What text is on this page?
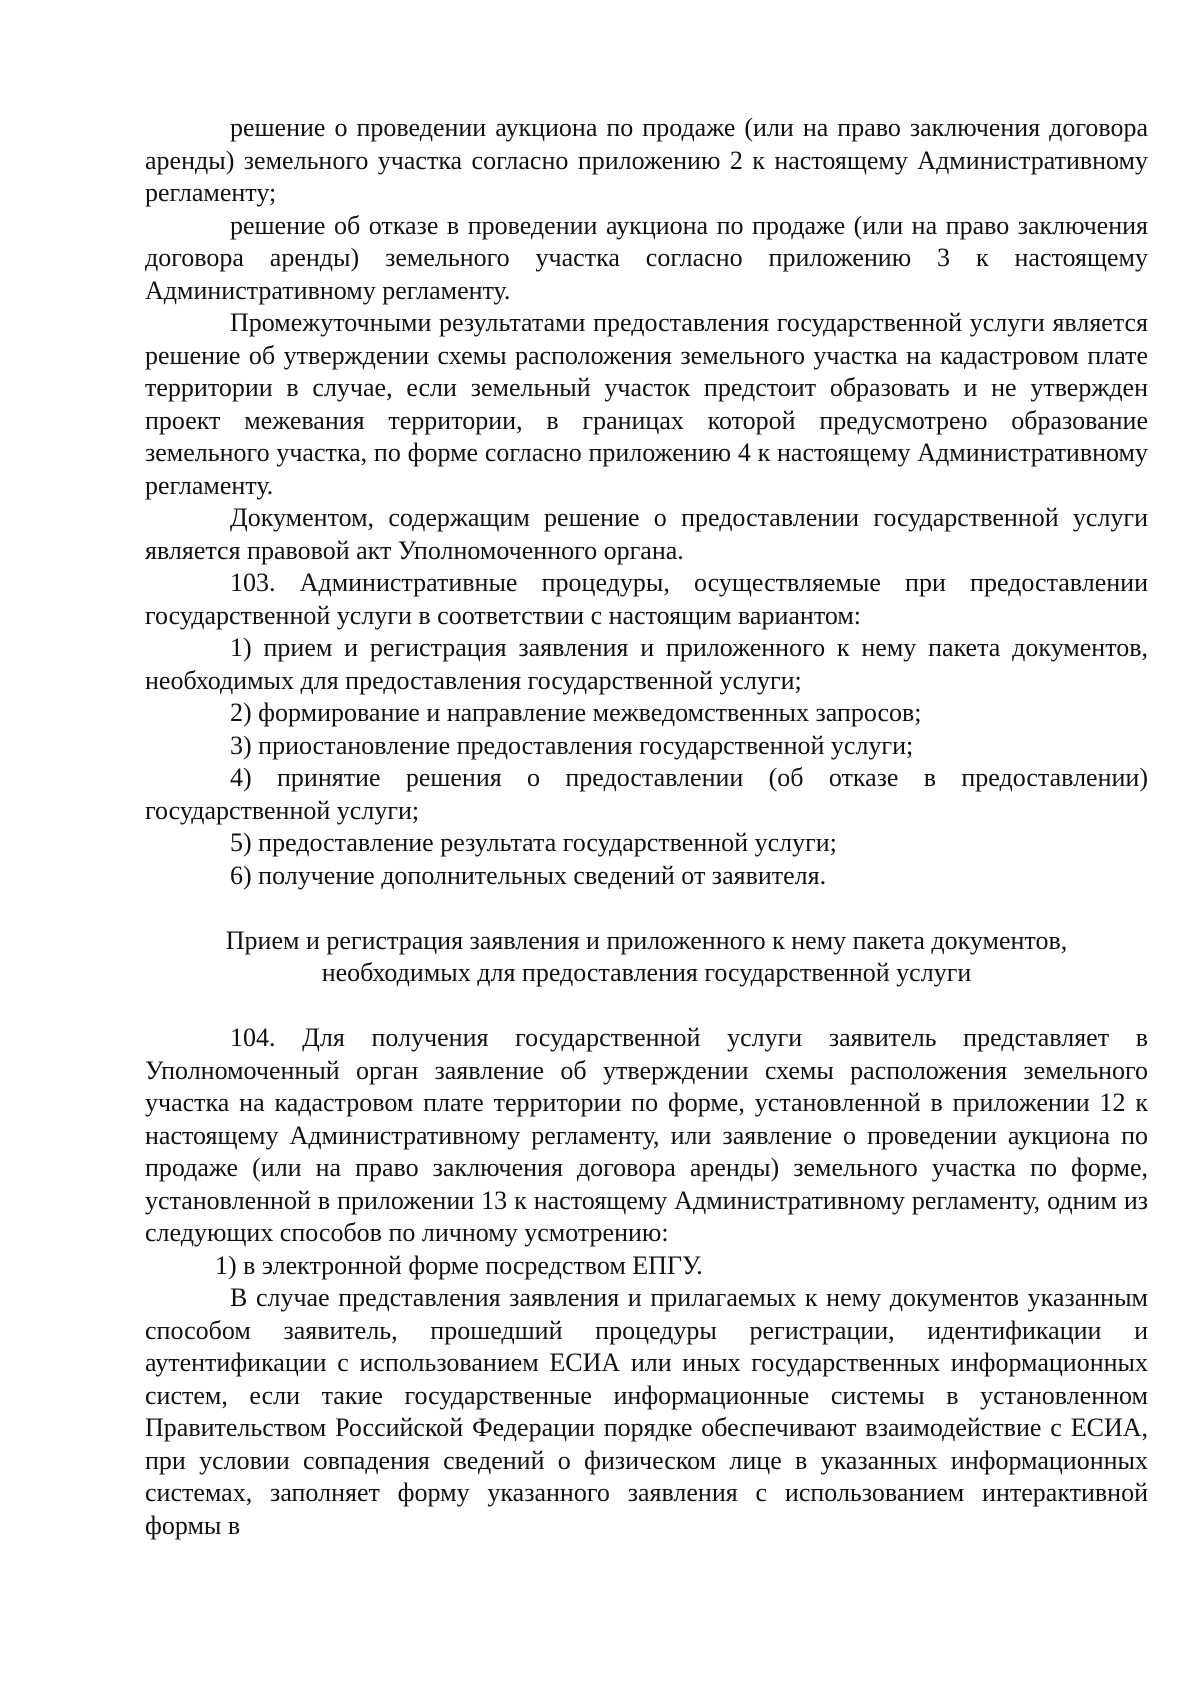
решение о проведении аукциона по продаже (или на право заключения договора аренды) земельного участка согласно приложению 2 к настоящему Административному регламенту;

решение об отказе в проведении аукциона по продаже (или на право заключения договора аренды) земельного участка согласно приложению 3 к настоящему Административному регламенту.

Промежуточными результатами предоставления государственной услуги является решение об утверждении схемы расположения земельного участка на кадастровом плате территории в случае, если земельный участок предстоит образовать и не утвержден проект межевания территории, в границах которой предусмотрено образование земельного участка, по форме согласно приложению 4 к настоящему Административному регламенту.

Документом, содержащим решение о предоставлении государственной услуги является правовой акт Уполномоченного органа.

103. Административные процедуры, осуществляемые при предоставлении государственной услуги в соответствии с настоящим вариантом:

1) прием и регистрация заявления и приложенного к нему пакета документов, необходимых для предоставления государственной услуги;

2) формирование и направление межведомственных запросов;

3) приостановление предоставления государственной услуги;

4) принятие решения о предоставлении (об отказе в предоставлении) государственной услуги;

5) предоставление результата государственной услуги;

6) получение дополнительных сведений от заявителя.

Прием и регистрация заявления и приложенного к нему пакета документов,

необходимых для предоставления государственной услуги

104. Для получения государственной услуги заявитель представляет в Уполномоченный орган заявление об утверждении схемы расположения земельного участка на кадастровом плате территории по форме, установленной в приложении 12 к настоящему Административному регламенту, или заявление о проведении аукциона по продаже (или на право заключения договора аренды) земельного участка по форме, установленной в приложении 13 к настоящему Административному регламенту, одним из следующих способов по личному усмотрению:

1) в электронной форме посредством ЕПГУ.

В случае представления заявления и прилагаемых к нему документов указанным способом заявитель, прошедший процедуры регистрации, идентификации и аутентификации с использованием ЕСИА или иных государственных информационных систем, если такие государственные информационные системы в установленном Правительством Российской Федерации порядке обеспечивают взаимодействие с ЕСИА, при условии совпадения сведений о физическом лице в указанных информационных системах, заполняет форму указанного заявления с использованием интерактивной формы в
